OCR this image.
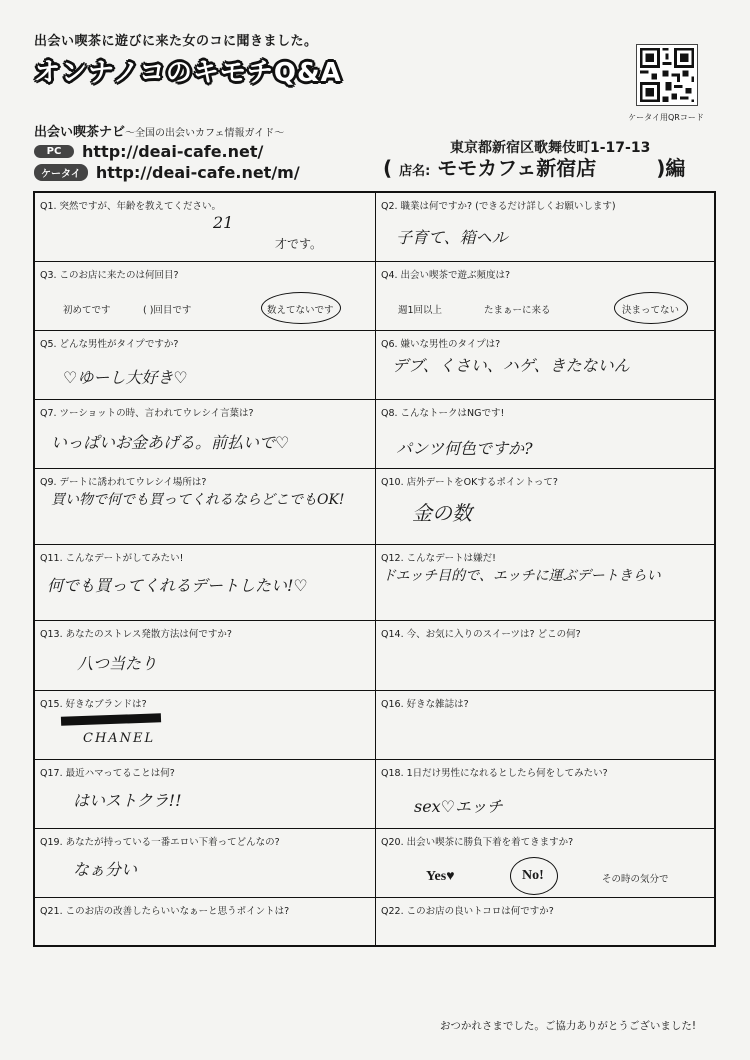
出会い喫茶に遊びに来た女のコに聞きました。
オンナノコのキモチQ&A
ケータイ用QRコード
出会い喫茶ナビ〜全国の出会いカフェ情報ガイド〜
PC	http://deai-cafe.net/
ケータイ http://deai-cafe.net/m/
東京都新宿区歌舞伎町1-17-13
( 店名: モモカフェ新宿店	)編
Q1. 突然ですが、年齢を教えてください。
21
才です。
Q2. 職業は何ですか? (できるだけ詳しくお願いします)
子育て、箱ヘル
Q3. このお店に来たのは何回目?
初めてです	( )回目です	数えてないです
Q4. 出会い喫茶で遊ぶ頻度は?
週1回以上	たまぁーに来る	決まってない
Q5. どんな男性がタイプですか?
♡ゆーし大好き♡
Q6. 嫌いな男性のタイプは?
デブ、くさい、ハゲ、きたないん
Q7. ツーショットの時、言われてウレシイ言葉は?
いっぱいお金あげる。前払いで♡
Q8. こんなトークはNGです!
パンツ何色ですか?
Q9. デートに誘われてウレシイ場所は?
買い物で何でも買ってくれるならどこでもOK!
Q10. 店外デートをOKするポイントって?
金の数
Q11. こんなデートがしてみたい!
何でも買ってくれるデートしたい!♡
Q12. こんなデートは嫌だ!
ドエッチ目的で、エッチに運ぶデートきらい
Q13. あなたのストレス発散方法は何ですか?
八つ当たり
Q14. 今、お気に入りのスイーツは? どこの何?
Q15. 好きなブランドは?
CHANEL
Q16. 好きな雑誌は?
Q17. 最近ハマってることは何?
はいストクラ!!
Q18. 1日だけ男性になれるとしたら何をしてみたい?
sex♡エッチ
Q19. あなたが持っている一番エロい下着ってどんなの?
なぁ分い
Q20. 出会い喫茶に勝負下着を着てきますか?
Yes♥	No!	その時の気分で
Q21. このお店の改善したらいいなぁーと思うポイントは?	Q22. このお店の良いトコロは何ですか?
おつかれさまでした。ご協力ありがとうございました!
